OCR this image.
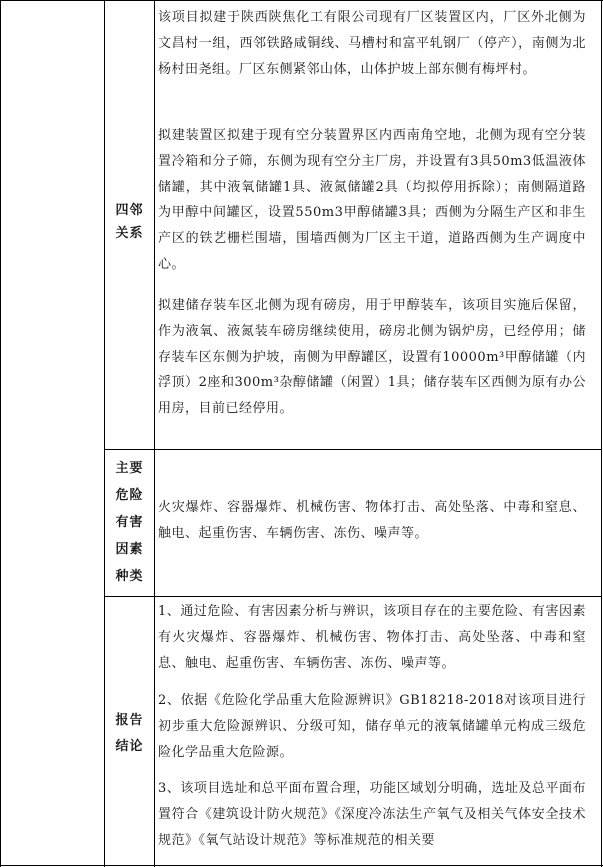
四邻
关系
该项目拟建于陕西陕焦化工有限公司现有厂区装置区内，厂区外北侧为文昌村一组，西邻铁路咸铜线、马槽村和富平轧钢厂（停产），南侧为北杨村田尧组。厂区东侧紧邻山体，山体护坡上部东侧有梅坪村。
拟建装置区拟建于现有空分装置界区内西南角空地，北侧为现有空分装置冷箱和分子筛，东侧为现有空分主厂房，并设置有3具50m3低温液体储罐，其中液氧储罐1具、液氮储罐2具（均拟停用拆除）；南侧隔道路为甲醇中间罐区，设置550m3甲醇储罐3具；西侧为分隔生产区和非生产区的铁艺栅栏围墙，围墙西侧为厂区主干道，道路西侧为生产调度中心。
拟建储存装车区北侧为现有磅房，用于甲醇装车，该项目实施后保留，作为液氧、液氮装车磅房继续使用，磅房北侧为锅炉房，已经停用；储存装车区东侧为护坡，南侧为甲醇罐区，设置有10000m³甲醇储罐（内浮顶）2座和300m³杂醇储罐（闲置）1具；储存装车区西侧为原有办公用房，目前已经停用。
主要
危险
有害
因素
种类
火灾爆炸、容器爆炸、机械伤害、物体打击、高处坠落、中毒和窒息、触电、起重伤害、车辆伤害、冻伤、噪声等。
报告
结论
1、通过危险、有害因素分析与辨识，该项目存在的主要危险、有害因素有火灾爆炸、容器爆炸、机械伤害、物体打击、高处坠落、中毒和窒息、触电、起重伤害、车辆伤害、冻伤、噪声等。
2、依据《危险化学品重大危险源辨识》GB18218-2018对该项目进行初步重大危险源辨识、分级可知，储存单元的液氧储罐单元构成三级危险化学品重大危险源。
3、该项目选址和总平面布置合理，功能区域划分明确，选址及总平面布置符合《建筑设计防火规范》《深度冷冻法生产氧气及相关气体安全技术规范》《氧气站设计规范》等标准规范的相关要
